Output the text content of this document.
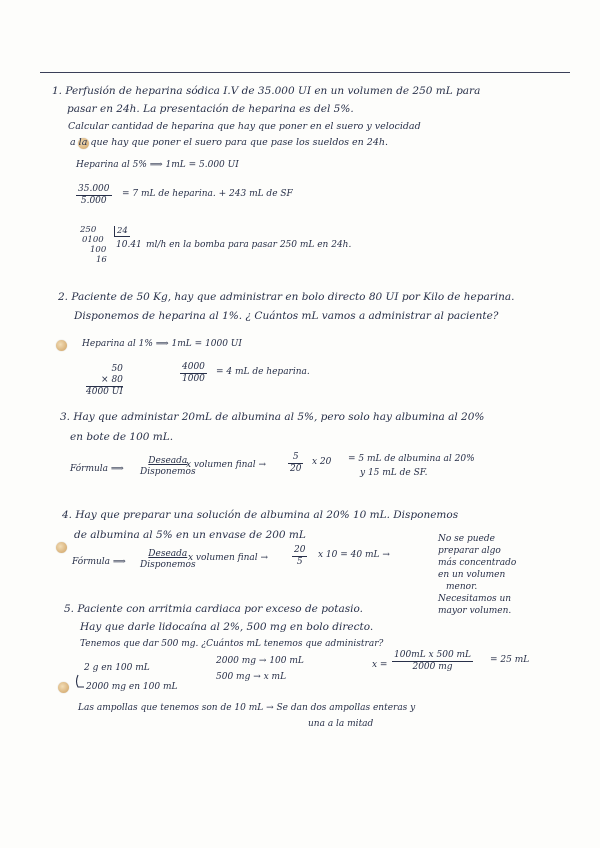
1. Perfusión de heparina sódica I.V de 35.000 UI en un volumen de 250 mL para
pasar en 24h. La presentación de heparina es del 5%.
Calcular cantidad de heparina que hay que poner en el suero y velocidad
a la que hay que poner el suero para que pase los sueldos en 24h.
Heparina al 5% ⟹ 1mL = 5.000 UI
$\frac{35.000}{5.000} = 7$ mL de heparina. + 243 mL de SF
250
0100
100
16
24
10.41 ml/h en la bomba para pasar 250 mL en 24h.
2. Paciente de 50 Kg, hay que administrar en bolo directo 80 UI por Kilo de heparina.
Disponemos de heparina al 1%. ¿ Cuántos mL vamos a administrar al paciente?
Heparina al 1% ⟹ 1mL = 1000 UI
50
× 80
4000 UI
$\frac{4000}{1000} = 4$ mL de heparina.
3. Hay que administar 20mL de albumina al 5%, pero solo hay albumina al 20%
en bote de 100 mL.
Fórmula ⟹
Deseada
Disponemos
x volumen final → $\frac{5}{20}$ x 20 = 5 mL de albumina al 20%
y 15 mL de SF.
4. Hay que preparar una solución de albumina al 20% 10 mL. Disponemos
de albumina al 5% en un envase de 200 mL
Fórmula ⟹
Deseada
Disponemos
x volumen final →	$\frac{20}{5}$ x 10 = 40 mL →
No se puede
preparar algo
más concentrado
en un volumen
menor.
Necesitamos un
mayor volumen.
5. Paciente con arritmia cardiaca por exceso de potasio.
Hay que darle lidocaína al 2%, 500 mg en bolo directo.
Tenemos que dar 500 mg. ¿Cuántos mL tenemos que administrar?
2 g en 100 mL
2000 mg en 100 mL
2000 mg → 100 mL
500 mg → x mL
$x = \frac{\text{100mL x 500 mL}}{2000 mg} = 25$ mL
Las ampollas que tenemos son de 10 mL → Se dan dos ampollas enteras y
una a la mitad
